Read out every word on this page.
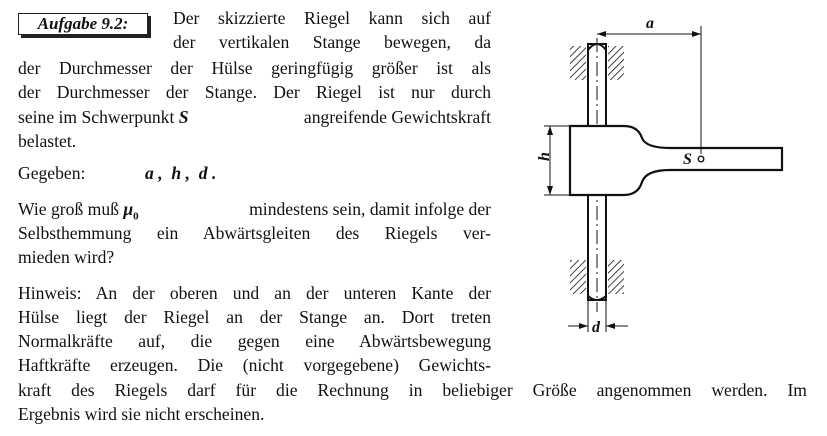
Aufgabe 9.2:	Der skizzierte Riegel kann sich auf
der vertikalen Stange bewegen, da
der Durchmesser der Hülse geringfügig größer ist als
der Durchmesser der Stange. Der Riegel ist nur durch
seine im Schwerpunkt S	angreifende Gewichtskraft
belastet.
Gegeben:	a ,  h ,  d .
Wie groß muß $\mu_0$	mindestens sein, damit infolge der
Selbsthemmung ein Abwärtsgleiten des Riegels ver-
mieden wird?
Hinweis: An der oberen und an der unteren Kante der
Hülse liegt der Riegel an der Stange an. Dort treten
Normalkräfte auf, die gegen eine Abwärtsbewegung
Haftkräfte erzeugen. Die (nicht vorgegebene) Gewichts-
kraft des Riegels darf für die Rechnung in beliebiger Größe angenommen werden. Im
Ergebnis wird sie nicht erscheinen.
S
a
h
d
